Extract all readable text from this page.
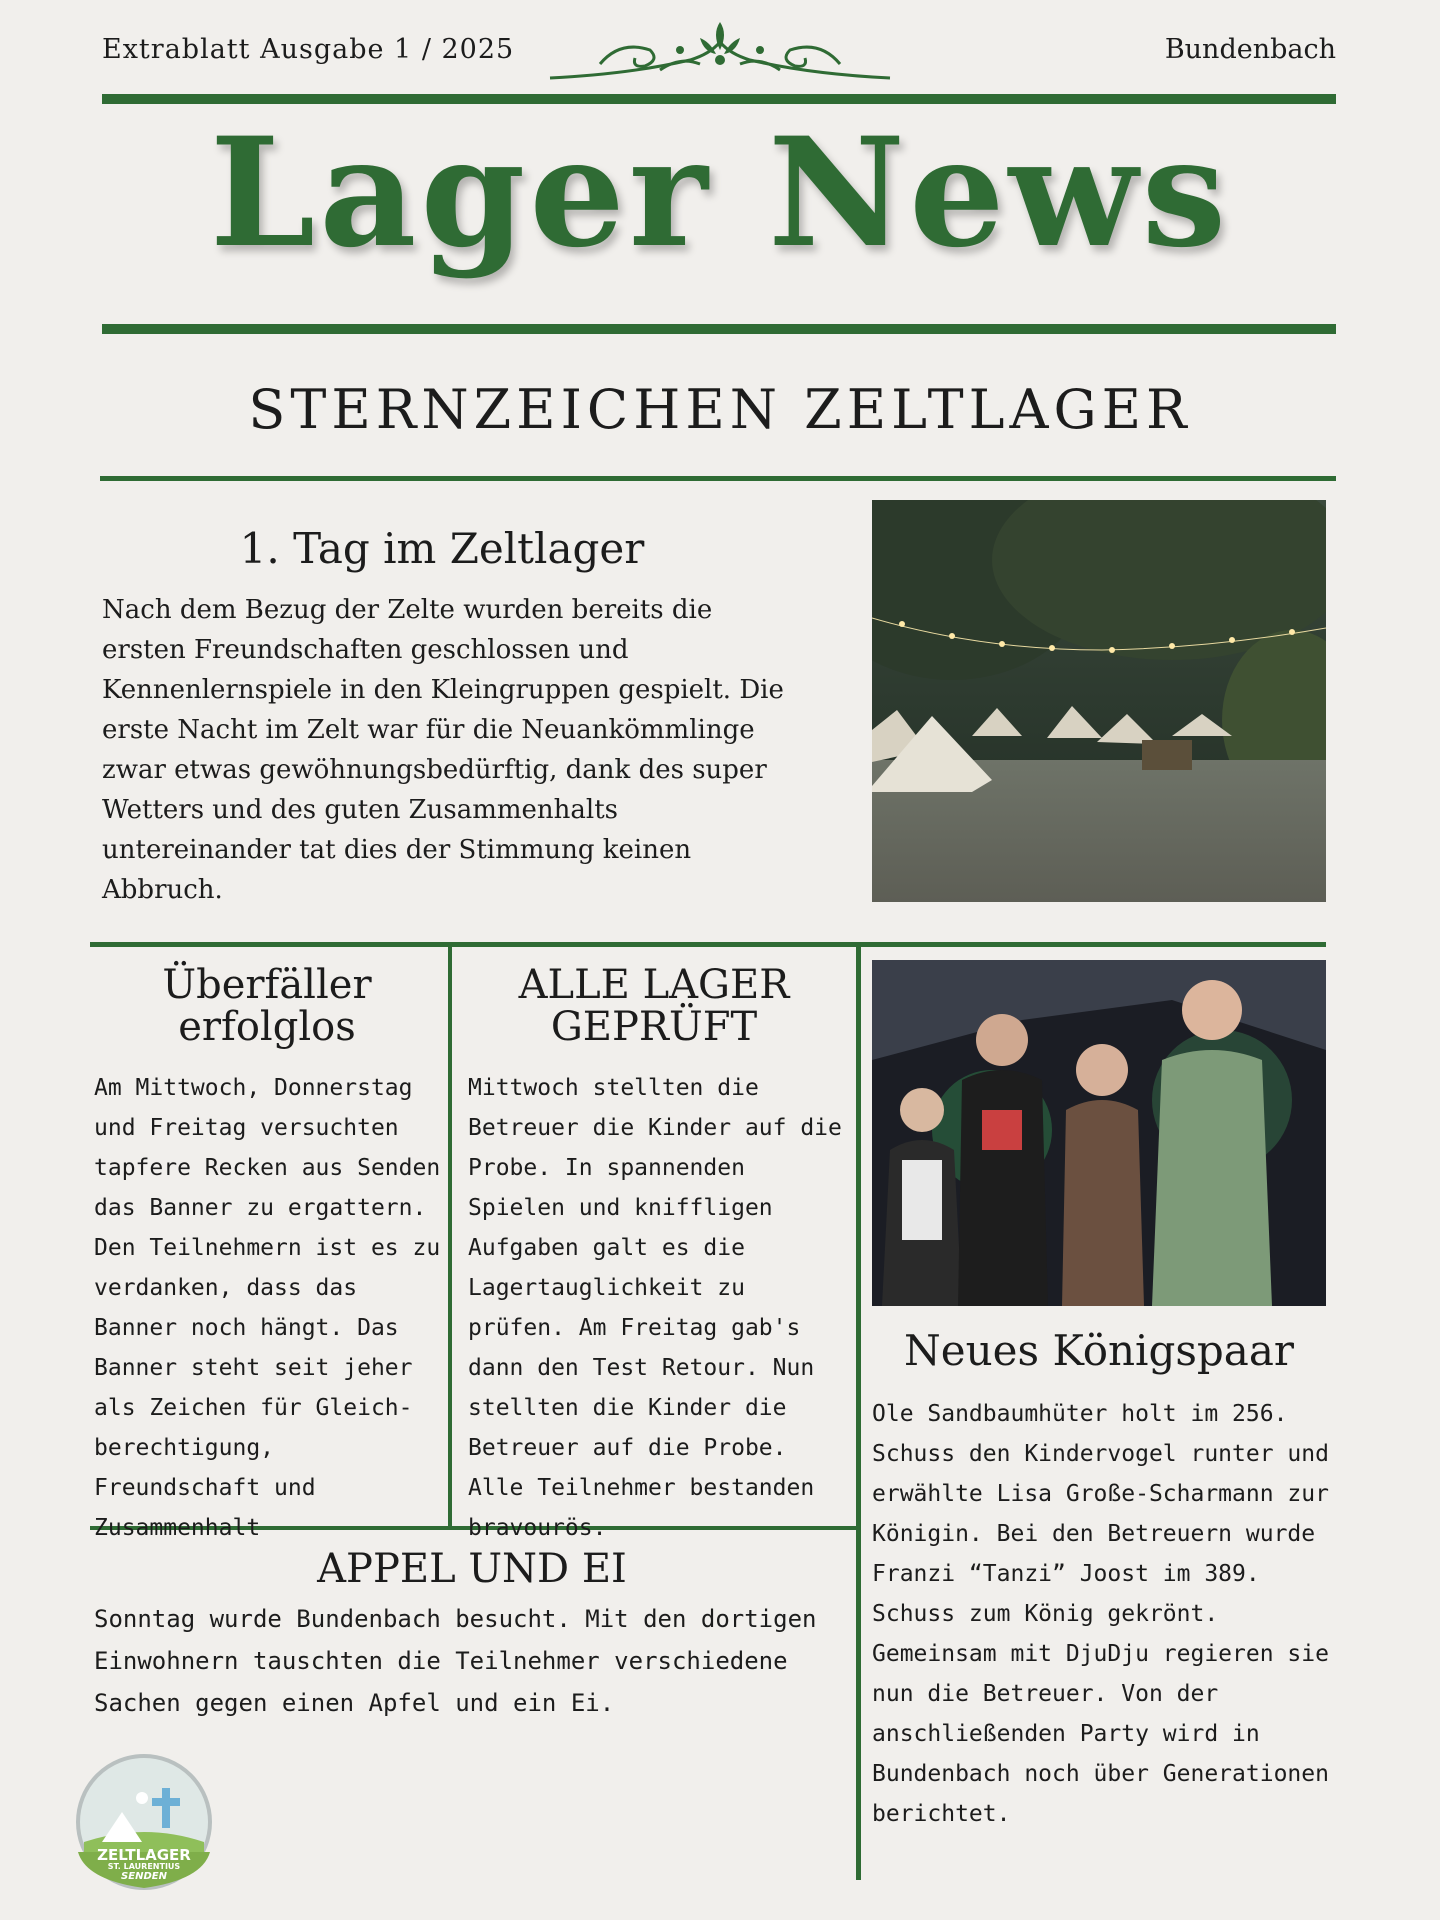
Extrablatt Ausgabe 1 / 2025	Bundenbach
Lager News
STERNZEICHEN ZELTLAGER
1. Tag im Zeltlager
Nach dem Bezug der Zelte wurden bereits die ersten Freundschaften geschlossen und Kennenlernspiele in den Kleingruppen gespielt. Die erste Nacht im Zelt war für die Neuankömmlinge zwar etwas gewöhnungsbedürftig, dank des super Wetters und des guten Zusammenhalts untereinander tat dies der Stimmung keinen Abbruch.
Überfäller
erfolglos
Am Mittwoch, Donnerstag und Freitag versuchten tapfere Recken aus Senden das Banner zu ergattern. Den Teilnehmern ist es zu verdanken, dass das Banner noch hängt. Das Banner steht seit jeher als Zeichen für Gleich-berechtigung, Freundschaft und Zusammenhalt
ALLE LAGER
GEPRÜFT
Mittwoch stellten die Betreuer die Kinder auf die Probe. In spannenden Spielen und kniffligen Aufgaben galt es die Lagertauglichkeit zu prüfen. Am Freitag gab's dann den Test Retour. Nun stellten die Kinder die Betreuer auf die Probe. Alle Teilnehmer bestanden bravourös.
Neues Königspaar
Ole Sandbaumhüter holt im 256. Schuss den Kindervogel runter und erwählte Lisa Große-Scharmann zur Königin. Bei den Betreuern wurde Franzi “Tanzi” Joost im 389. Schuss zum König gekrönt. Gemeinsam mit DjuDju regieren sie nun die Betreuer. Von der anschließenden Party wird in Bundenbach noch über Generationen berichtet.
APPEL UND EI
Sonntag wurde Bundenbach besucht. Mit den dortigen Einwohnern tauschten die Teilnehmer verschiedene Sachen gegen einen Apfel und ein Ei.
ZELTLAGER
ST. LAURENTIUS
SENDEN
